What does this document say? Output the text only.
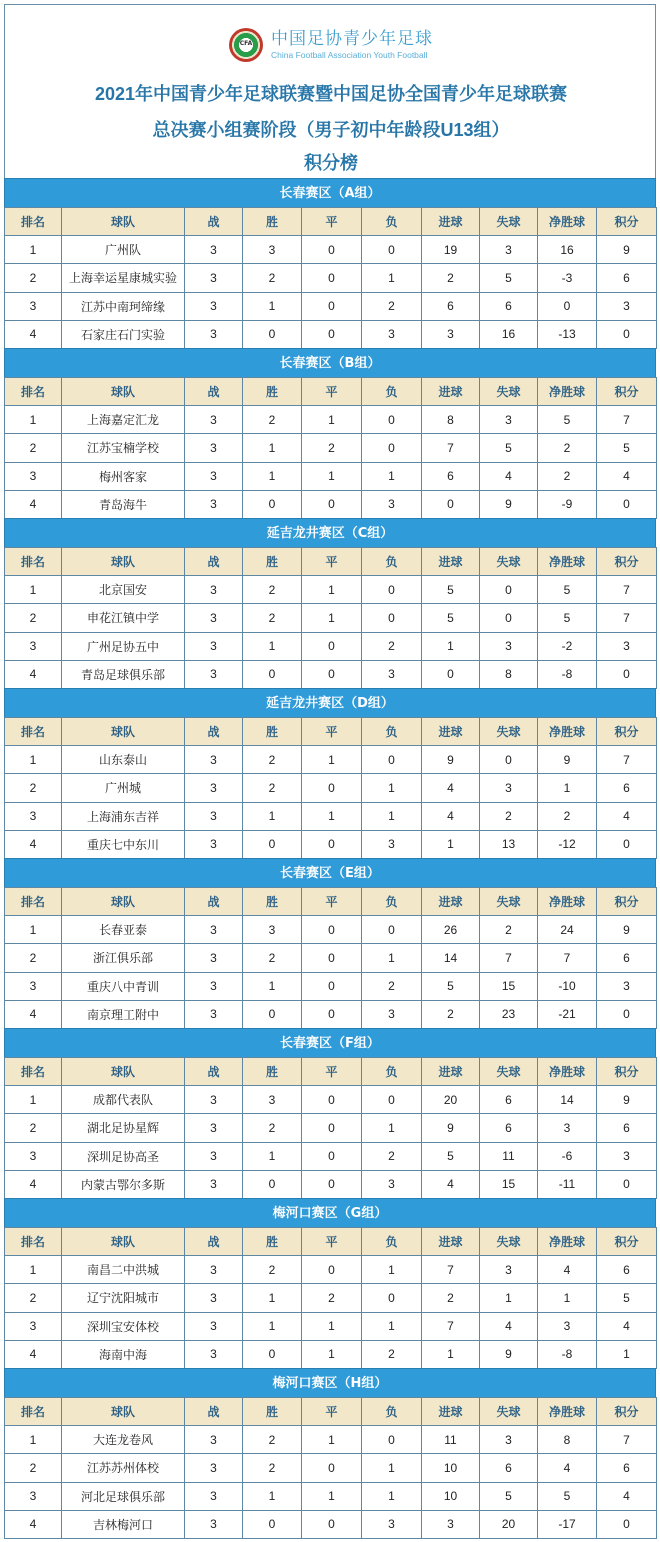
CFA	中国足协青少年足球
China Football Association Youth Football
2021年中国青少年足球联赛暨中国足协全国青少年足球联赛
总决赛小组赛阶段（男子初中年龄段U13组）
积分榜
长春赛区（A组）
排名	球队	战	胜	平	负	进球	失球	净胜球	积分
1	广州队	3	3	0	0	19	3	16	9
2	上海幸运星康城实验	3	2	0	1	2	5	-3	6
3	江苏中南珂缔缘	3	1	0	2	6	6	0	3
4	石家庄石门实验	3	0	0	3	3	16	-13	0
长春赛区（B组）
排名	球队	战	胜	平	负	进球	失球	净胜球	积分
1	上海嘉定汇龙	3	2	1	0	8	3	5	7
2	江苏宝楠学校	3	1	2	0	7	5	2	5
3	梅州客家	3	1	1	1	6	4	2	4
4	青岛海牛	3	0	0	3	0	9	-9	0
延吉龙井赛区（C组）
排名	球队	战	胜	平	负	进球	失球	净胜球	积分
1	北京国安	3	2	1	0	5	0	5	7
2	申花江镇中学	3	2	1	0	5	0	5	7
3	广州足协五中	3	1	0	2	1	3	-2	3
4	青岛足球俱乐部	3	0	0	3	0	8	-8	0
延吉龙井赛区（D组）
排名	球队	战	胜	平	负	进球	失球	净胜球	积分
1	山东泰山	3	2	1	0	9	0	9	7
2	广州城	3	2	0	1	4	3	1	6
3	上海浦东吉祥	3	1	1	1	4	2	2	4
4	重庆七中东川	3	0	0	3	1	13	-12	0
长春赛区（E组）
排名	球队	战	胜	平	负	进球	失球	净胜球	积分
1	长春亚泰	3	3	0	0	26	2	24	9
2	浙江俱乐部	3	2	0	1	14	7	7	6
3	重庆八中青训	3	1	0	2	5	15	-10	3
4	南京理工附中	3	0	0	3	2	23	-21	0
长春赛区（F组）
排名	球队	战	胜	平	负	进球	失球	净胜球	积分
1	成都代表队	3	3	0	0	20	6	14	9
2	湖北足协星辉	3	2	0	1	9	6	3	6
3	深圳足协高圣	3	1	0	2	5	11	-6	3
4	内蒙古鄂尔多斯	3	0	0	3	4	15	-11	0
梅河口赛区（G组）
排名	球队	战	胜	平	负	进球	失球	净胜球	积分
1	南昌二中洪城	3	2	0	1	7	3	4	6
2	辽宁沈阳城市	3	1	2	0	2	1	1	5
3	深圳宝安体校	3	1	1	1	7	4	3	4
4	海南中海	3	0	1	2	1	9	-8	1
梅河口赛区（H组）
排名	球队	战	胜	平	负	进球	失球	净胜球	积分
1	大连龙卷风	3	2	1	0	11	3	8	7
2	江苏苏州体校	3	2	0	1	10	6	4	6
3	河北足球俱乐部	3	1	1	1	10	5	5	4
4	吉林梅河口	3	0	0	3	3	20	-17	0
